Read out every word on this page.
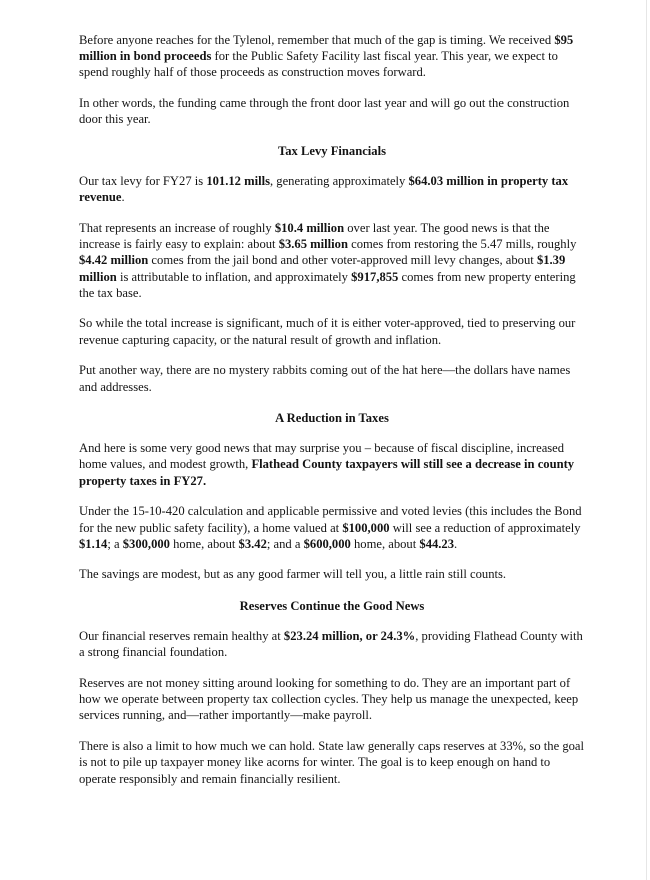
Before anyone reaches for the Tylenol, remember that much of the gap is timing. We received $95 million in bond proceeds for the Public Safety Facility last fiscal year. This year, we expect to spend roughly half of those proceeds as construction moves forward.

In other words, the funding came through the front door last year and will go out the construction door this year.

Tax Levy Financials

Our tax levy for FY27 is 101.12 mills, generating approximately $64.03 million in property tax revenue.

That represents an increase of roughly $10.4 million over last year. The good news is that the increase is fairly easy to explain: about $3.65 million comes from restoring the 5.47 mills, roughly $4.42 million comes from the jail bond and other voter-approved mill levy changes, about $1.39 million is attributable to inflation, and approximately $917,855 comes from new property entering the tax base.

So while the total increase is significant, much of it is either voter-approved, tied to preserving our revenue capturing capacity, or the natural result of growth and inflation.

Put another way, there are no mystery rabbits coming out of the hat here—the dollars have names and addresses.

A Reduction in Taxes

And here is some very good news that may surprise you – because of fiscal discipline, increased home values, and modest growth, Flathead County taxpayers will still see a decrease in county property taxes in FY27.

Under the 15-10-420 calculation and applicable permissive and voted levies (this includes the Bond for the new public safety facility), a home valued at $100,000 will see a reduction of approximately $1.14; a $300,000 home, about $3.42; and a $600,000 home, about $44.23.

The savings are modest, but as any good farmer will tell you, a little rain still counts.

Reserves Continue the Good News

Our financial reserves remain healthy at $23.24 million, or 24.3%, providing Flathead County with a strong financial foundation.

Reserves are not money sitting around looking for something to do. They are an important part of how we operate between property tax collection cycles. They help us manage the unexpected, keep services running, and—rather importantly—make payroll.

There is also a limit to how much we can hold. State law generally caps reserves at 33%, so the goal is not to pile up taxpayer money like acorns for winter. The goal is to keep enough on hand to operate responsibly and remain financially resilient.
